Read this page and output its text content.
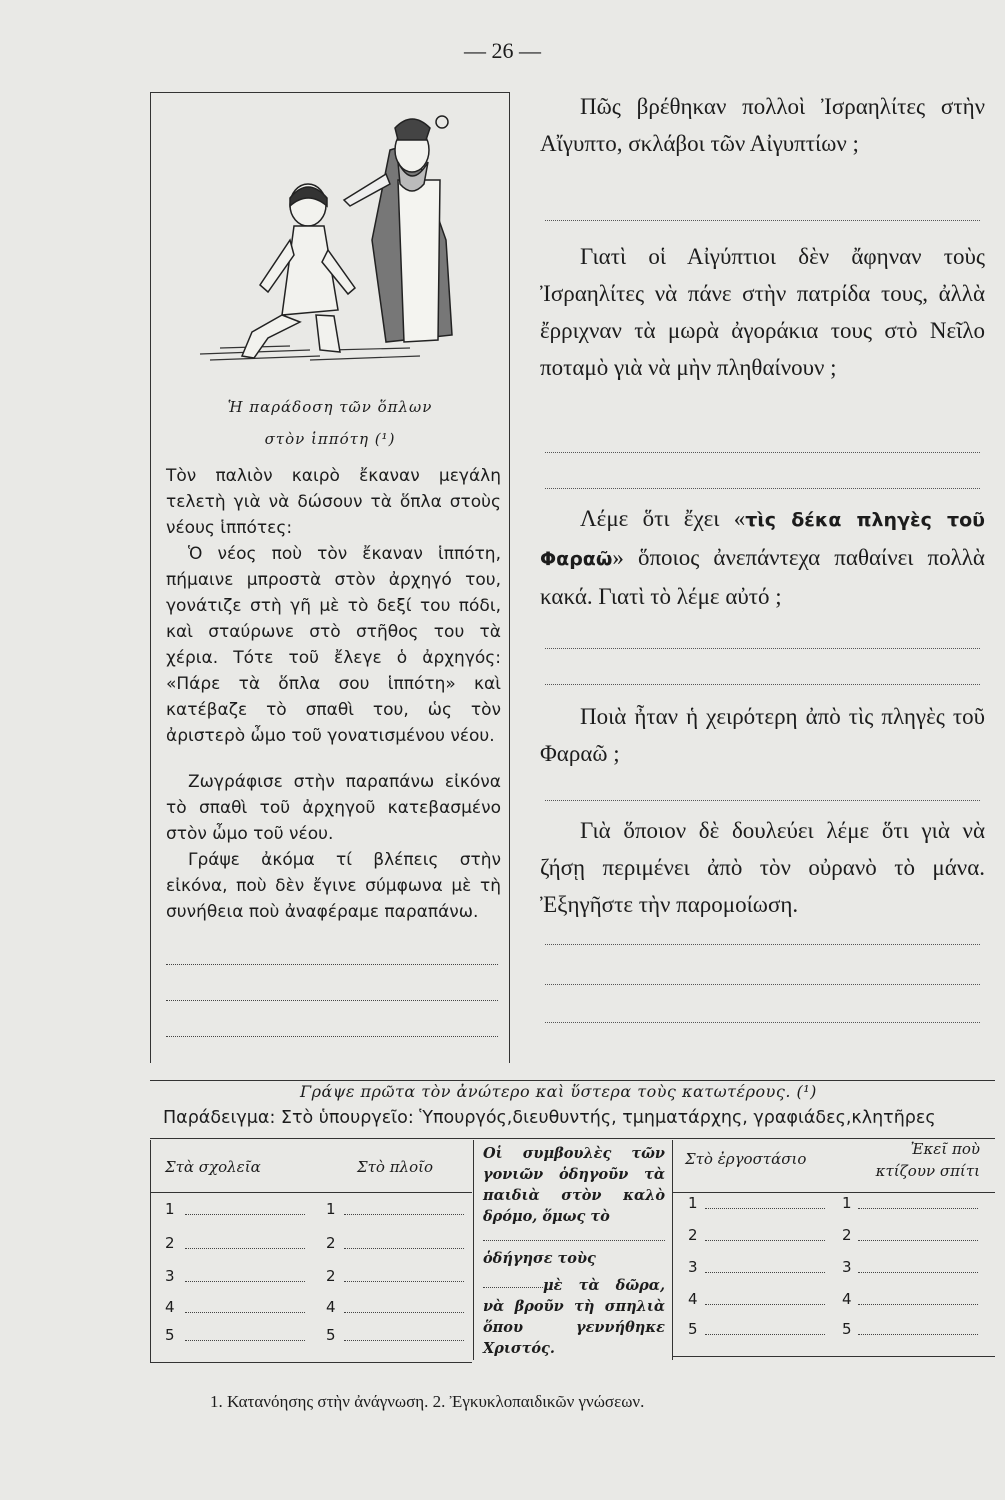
— 26 —
Ἡ παράδοση τῶν ὅπλων
στὸν ἱππότη (¹)

Τὸν παλιὸν καιρὸ ἔκαναν μεγάλη τελετὴ γιὰ νὰ δώσουν τὰ ὅπλα στοὺς νέους ἱππότες:

Ὁ νέος ποὺ τὸν ἔκαναν ἱππότη, πήμαινε μπροστὰ στὸν ἀρχηγό του, γονάτιζε στὴ γῆ μὲ τὸ δεξί του πόδι, καὶ σταύρωνε στὸ στῆθος του τὰ χέρια. Τότε τοῦ ἔλεγε ὁ ἀρχηγός: «Πάρε τὰ ὅπλα σου ἱππότη» καὶ κατέβαζε τὸ σπαθὶ του, ὡς τὸν ἀριστερὸ ὦμο τοῦ γονατισμένου νέου.

Ζωγράφισε στὴν παραπάνω εἰκόνα τὸ σπαθὶ τοῦ ἀρχηγοῦ κατεβασμένο στὸν ὦμο τοῦ νέου.

Γράψε ἀκόμα τί βλέπεις στὴν εἰκόνα, ποὺ δὲν ἔγινε σύμφωνα μὲ τὴ συνήθεια ποὺ ἀναφέραμε παραπάνω.

Πῶς βρέθηκαν πολλοὶ Ἰσραηλίτες στὴν Αἴγυπτο, σκλάβοι τῶν Αἰγυπτίων ;

Γιατὶ οἱ Αἰγύπτιοι δὲν ἄφηναν τοὺς Ἰσραηλίτες νὰ πάνε στὴν πατρίδα τους, ἀλλὰ ἔρριχναν τὰ μωρὰ ἀγοράκια τους στὸ Νεῖλο ποταμὸ γιὰ νὰ μὴν πληθαίνουν ;

Λέμε ὅτι ἔχει «τὶς δέκα πληγὲς τοῦ Φαραῶ» ὅποιος ἀνεπάντεχα παθαίνει πολλὰ κακά. Γιατὶ τὸ λέμε αὐτό ;

Ποιὰ ἦταν ἡ χειρότερη ἀπὸ τὶς πληγὲς τοῦ Φαραῶ ;

Γιὰ ὅποιον δὲ δουλεύει λέμε ὅτι γιὰ νὰ ζήσῃ περιμένει ἀπὸ τὸν οὐρανὸ τὸ μάνα. Ἐξηγῆστε τὴν παρομοίωση.

Γράψε πρῶτα τὸν ἀνώτερο καὶ ὕστερα τοὺς κατωτέρους. (¹)
Παράδειγμα: Στὸ ὑπουργεῖο: Ὑπουργός,διευθυντής, τμηματάρχης, γραφιάδες,κλητῆρες
Στὰ σχολεῖα	Στὸ πλοῖο	Στὸ ἐργοστάσιο
Ἐκεῖ ποὺ κτίζουν σπίτι
Οἱ συμβουλὲς τῶν γονιῶν ὁδηγοῦν τὰ παιδιὰ στὸν καλὸ δρόμο, ὅμως τὸ
ὁδήγησε τοὺς
μὲ τὰ δῶρα, νὰ βροῦν τὴ σπηλιὰ ὅπου γεννήθηκε Χριστός.
1
2
3
4
5
1
2
2
4
5
1
2
3
4
5
1
2
3
4
5
1. Κατανόησης στὴν ἀνάγνωση. 2. Ἐγκυκλοπαιδικῶν γνώσεων.
